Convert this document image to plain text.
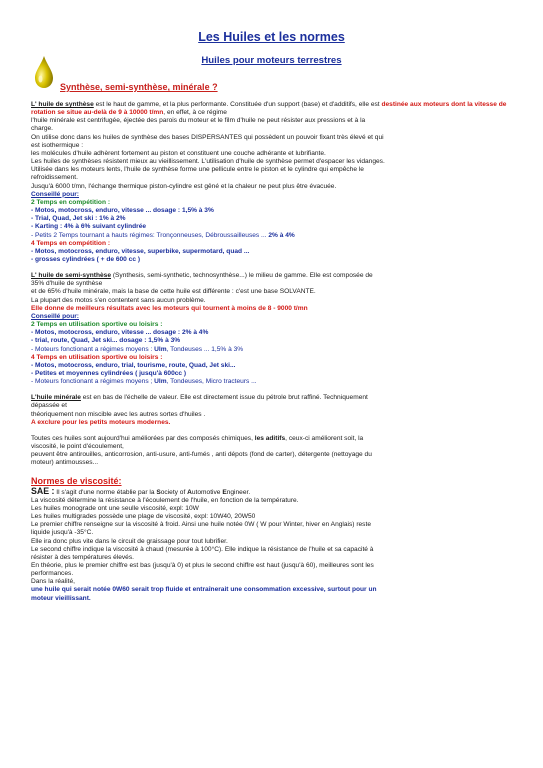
Les Huiles et les normes
Huiles pour moteurs terrestres
Synthèse, semi-synthèse, minérale ?

L' huile de synthèse est le haut de gamme, et la plus performante. Constituée d'un support (base) et d'additifs, elle est destinée aux moteurs dont la vitesse de rotation se situe au-delà de 9 à 10000 t/mn, en effet, à ce régime

l'huile minérale est centrifugée, éjectée des parois du moteur et le film d'huile ne peut résister aux pressions et à la

charge.

On utilise donc dans les huiles de synthèse des bases DISPERSANTES qui possèdent un pouvoir fixant très élevé et qui

est isothermique :

les molécules d'huile adhèrent fortement au piston et constituent une couche adhérante et lubrifiante.

Les huiles de synthèses résistent mieux au vieillissement. L'utilisation d'huile de synthèse permet d'espacer les vidanges.

Utilisée dans les moteurs lents, l'huile de synthèse forme une pellicule entre le piston et le cylindre qui empêche le

refroidissement.

Jusqu'à 6000 t/mn, l'échange thermique piston-cylindre est gêné et la chaleur ne peut plus être évacuée.

Conseillé pour:

2 Temps en compétition :

- Motos, motocross, enduro, vitesse ... dosage : 1,5% à 3%

- Trial, Quad, Jet ski : 1% à 2%

- Karting : 4% à 6% suivant cylindrée

- Petits 2 Temps tournant a hauts régimes: Tronçonneuses, Débroussailleuses ... 2% à 4%

4 Temps en compétition :

- Motos, motocross, enduro, vitesse, superbike, supermotard, quad ...

- grosses cylindrées ( + de 600 cc )

L' huile de semi-synthèse (Synthesis, semi-synthetic, technosynthèse...) le milieu de gamme. Elle est composée de

35% d'huile de synthèse

et de 65% d'huile minérale, mais la base de cette huile est différente : c'est une base SOLVANTE.

La plupart des motos s'en contentent sans aucun problème.

Elle donne de meilleurs résultats avec les moteurs qui tournent à moins de 8 - 9000 t/mn

Conseillé pour:

2 Temps en utilisation sportive ou loisirs :

- Motos, motocross, enduro, vitesse ... dosage : 2% à 4%

- trial, route, Quad, Jet ski... dosage : 1,5% à 3%

- Moteurs fonctionant a régimes moyens : Ulm, Tondeuses ... 1,5% à 3%

4 Temps en utilisation sportive ou loisirs :

- Motos, motocross, enduro, trial, tourisme, route, Quad, Jet ski...

- Petites et moyennes cylindrées ( jusqu'à 600cc )

- Moteurs fonctionant a régimes moyens ; Ulm, Tondeuses, Micro tracteurs ...

L'huile minérale est en bas de l'échelle de valeur. Elle est directement issue du pétrole brut raffiné. Techniquement

dépassée et

théoriquement non miscible avec les autres sortes d'huiles .

A exclure pour les petits moteurs modernes.

Toutes ces huiles sont aujourd'hui améliorées par des composés chimiques, les aditifs, ceux-ci améliorent soit, la

viscosité, le point d'écoulement,

peuvent être antirouilles, anticorrosion, anti-usure, anti-fumés , anti dépots (fond de carter), détergente (nettoyage du

moteur) antimousses...

Normes de viscosité:

SAE : Il s'agit d'une norme établie par la Society of Automotive Engineer.

La viscosité détermine la résistance à l'écoulement de l'huile, en fonction de la température.

Les huiles monograde ont une seulle viscosité, expl: 10W

Les huiles multigrades possède une plage de viscosité, expl: 10W40, 20W50

Le premier chiffre renseigne sur la viscosité à froid. Ainsi une huile notée 0W ( W pour Winter, hiver en Anglais) reste

liquide jusqu'à -35°C.

Elle ira donc plus vite dans le circuit de graissage pour tout lubrifier.

Le second chiffre indique la viscosité à chaud (mesurée à 100°C). Elle indique la résistance de l'huile et sa capacité à

résister à des températures élevés.

En théorie, plus le premier chiffre est bas (jusqu'à 0) et plus le second chiffre est haut (jusqu'à 60), meilleures sont les

performances.

Dans la réalité,

une huile qui serait notée 0W60 serait trop fluide et entraînerait une consommation excessive, surtout pour un

moteur vieillissant.
